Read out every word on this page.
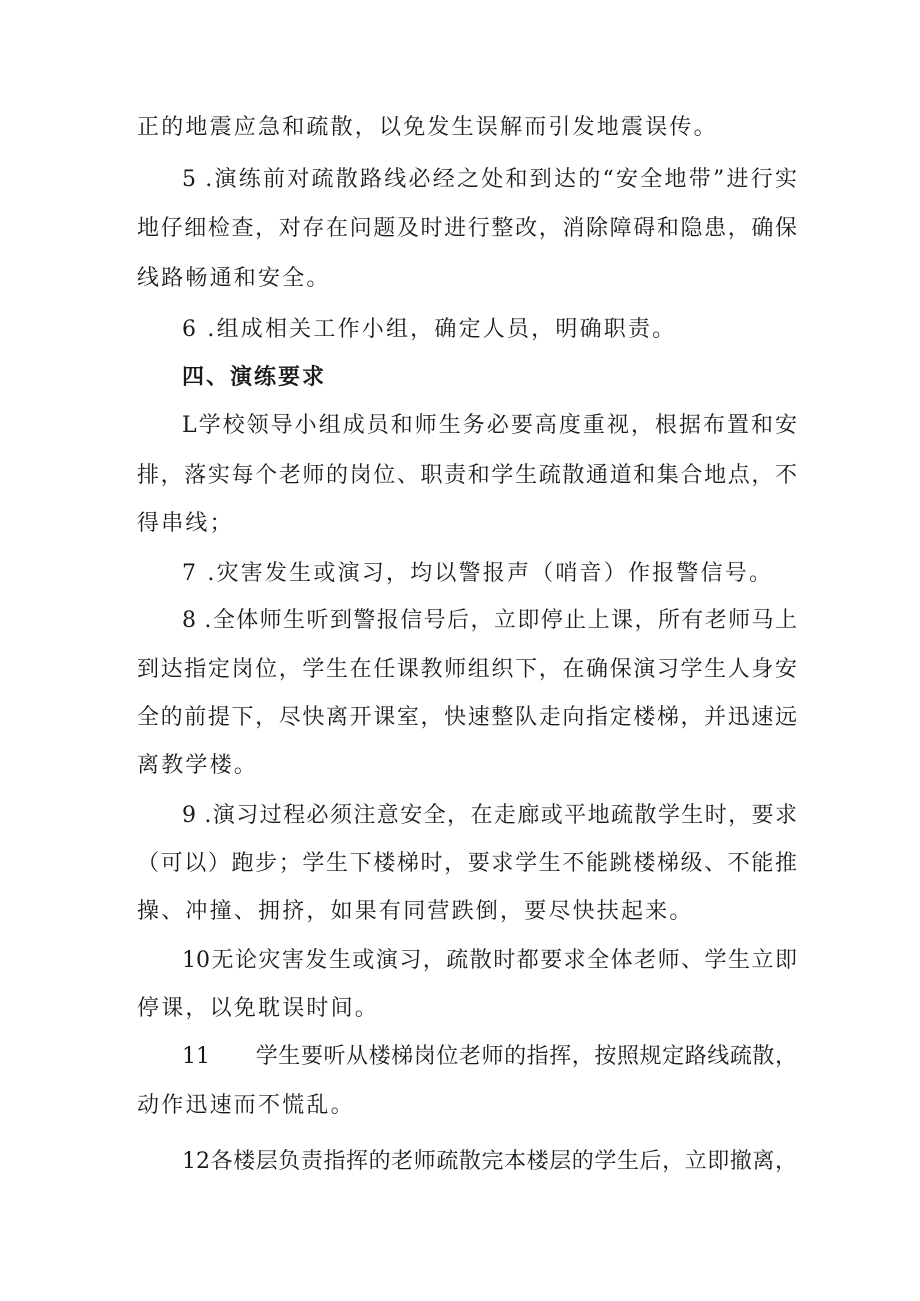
正的地震应急和疏散，以免发生误解而引发地震误传。
5 .演练前对疏散路线必经之处和到达的“安全地带”进行实
地仔细检查，对存在问题及时进行整改，消除障碍和隐患，确保
线路畅通和安全。
6 .组成相关工作小组，确定人员，明确职责。
四、演练要求
L学校领导小组成员和师生务必要高度重视，根据布置和安
排，落实每个老师的岗位、职责和学生疏散通道和集合地点，不
得串线；
7 .灾害发生或演习，均以警报声（哨音）作报警信号。
8 .全体师生听到警报信号后，立即停止上课，所有老师马上
到达指定岗位，学生在任课教师组织下，在确保演习学生人身安
全的前提下，尽快离开课室，快速整队走向指定楼梯，并迅速远
离教学楼。
9 .演习过程必须注意安全，在走廊或平地疏散学生时，要求
（可以）跑步；学生下楼梯时，要求学生不能跳楼梯级、不能推
操、冲撞、拥挤，如果有同营跌倒，要尽快扶起来。
10无论灾害发生或演习，疏散时都要求全体老师、学生立即
停课，以免耽误时间。
11　　学生要听从楼梯岗位老师的指挥，按照规定路线疏散，
动作迅速而不慌乱。
12各楼层负责指挥的老师疏散完本楼层的学生后，立即撤离，
